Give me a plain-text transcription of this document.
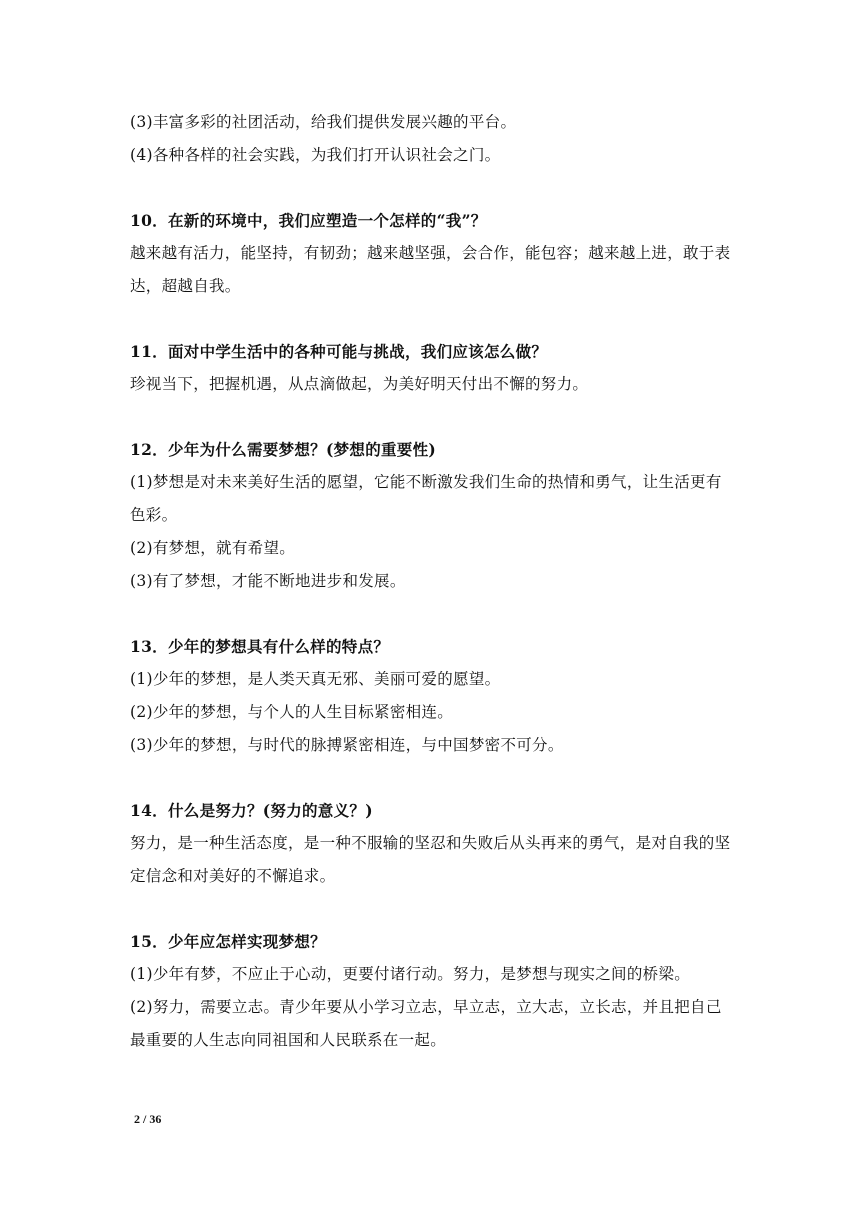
(3)丰富多彩的社团活动，给我们提供发展兴趣的平台。
(4)各种各样的社会实践，为我们打开认识社会之门。
10．在新的环境中，我们应塑造一个怎样的“我”？
越来越有活力，能坚持，有韧劲；越来越坚强，会合作，能包容；越来越上进，敢于表达，超越自我。
11．面对中学生活中的各种可能与挑战，我们应该怎么做？
珍视当下，把握机遇，从点滴做起，为美好明天付出不懈的努力。
12．少年为什么需要梦想？(梦想的重要性)
(1)梦想是对未来美好生活的愿望，它能不断激发我们生命的热情和勇气，让生活更有色彩。
(2)有梦想，就有希望。
(3)有了梦想，才能不断地进步和发展。
13．少年的梦想具有什么样的特点？
(1)少年的梦想，是人类天真无邪、美丽可爱的愿望。
(2)少年的梦想，与个人的人生目标紧密相连。
(3)少年的梦想，与时代的脉搏紧密相连，与中国梦密不可分。
14．什么是努力？(努力的意义？)
努力，是一种生活态度，是一种不服输的坚忍和失败后从头再来的勇气，是对自我的坚定信念和对美好的不懈追求。
15．少年应怎样实现梦想？
(1)少年有梦，不应止于心动，更要付诸行动。努力，是梦想与现实之间的桥梁。
(2)努力，需要立志。青少年要从小学习立志，早立志，立大志，立长志，并且把自己最重要的人生志向同祖国和人民联系在一起。
2 / 36
